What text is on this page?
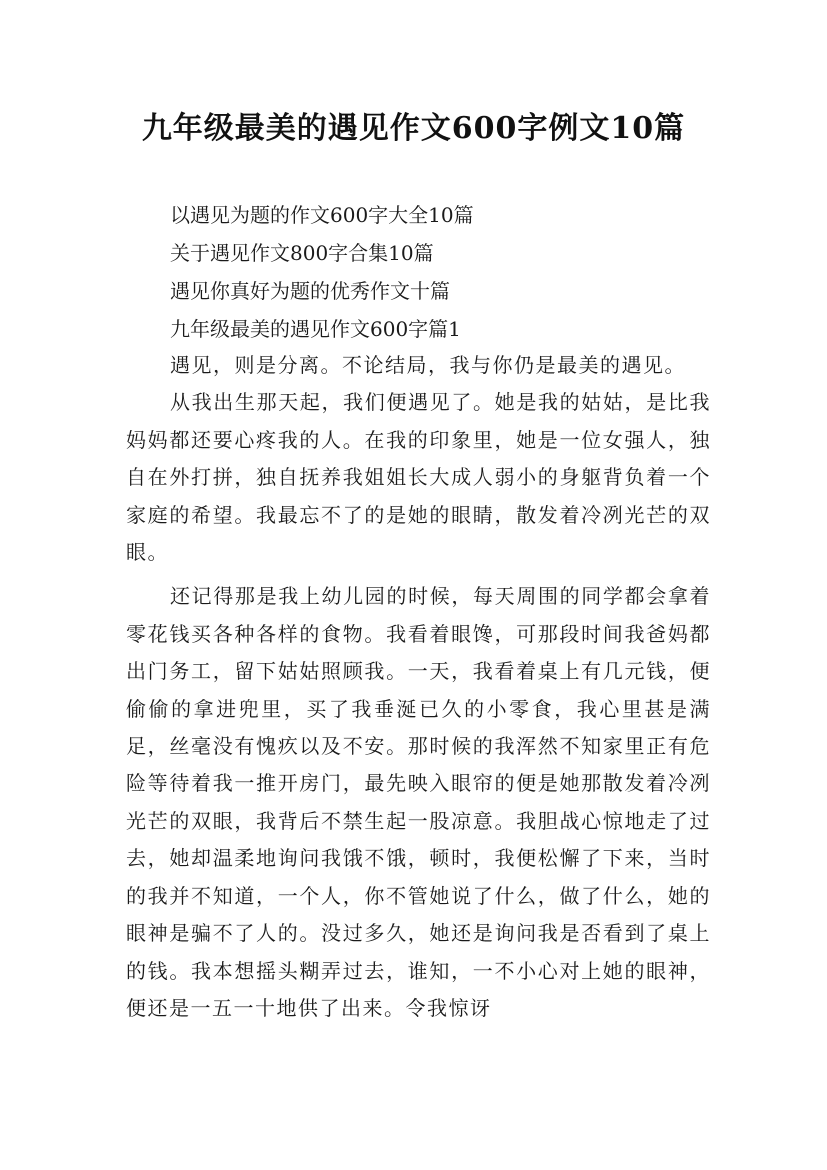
九年级最美的遇见作文600字例文10篇
以遇见为题的作文600字大全10篇
关于遇见作文800字合集10篇
遇见你真好为题的优秀作文十篇
九年级最美的遇见作文600字篇1

遇见，则是分离。不论结局，我与你仍是最美的遇见。

从我出生那天起，我们便遇见了。她是我的姑姑，是比我妈妈都还要心疼我的人。在我的印象里，她是一位女强人，独自在外打拼，独自抚养我姐姐长大成人弱小的身躯背负着一个家庭的希望。我最忘不了的是她的眼睛，散发着冷冽光芒的双眼。

还记得那是我上幼儿园的时候，每天周围的同学都会拿着零花钱买各种各样的食物。我看着眼馋，可那段时间我爸妈都出门务工，留下姑姑照顾我。一天，我看着桌上有几元钱，便偷偷的拿进兜里，买了我垂涎已久的小零食，我心里甚是满足，丝毫没有愧疚以及不安。那时候的我浑然不知家里正有危险等待着我一推开房门，最先映入眼帘的便是她那散发着冷冽光芒的双眼，我背后不禁生起一股凉意。我胆战心惊地走了过去，她却温柔地询问我饿不饿，顿时，我便松懈了下来，当时的我并不知道，一个人，你不管她说了什么，做了什么，她的眼神是骗不了人的。没过多久，她还是询问我是否看到了桌上的钱。我本想摇头糊弄过去，谁知，一不小心对上她的眼神，便还是一五一十地供了出来。令我惊讶
